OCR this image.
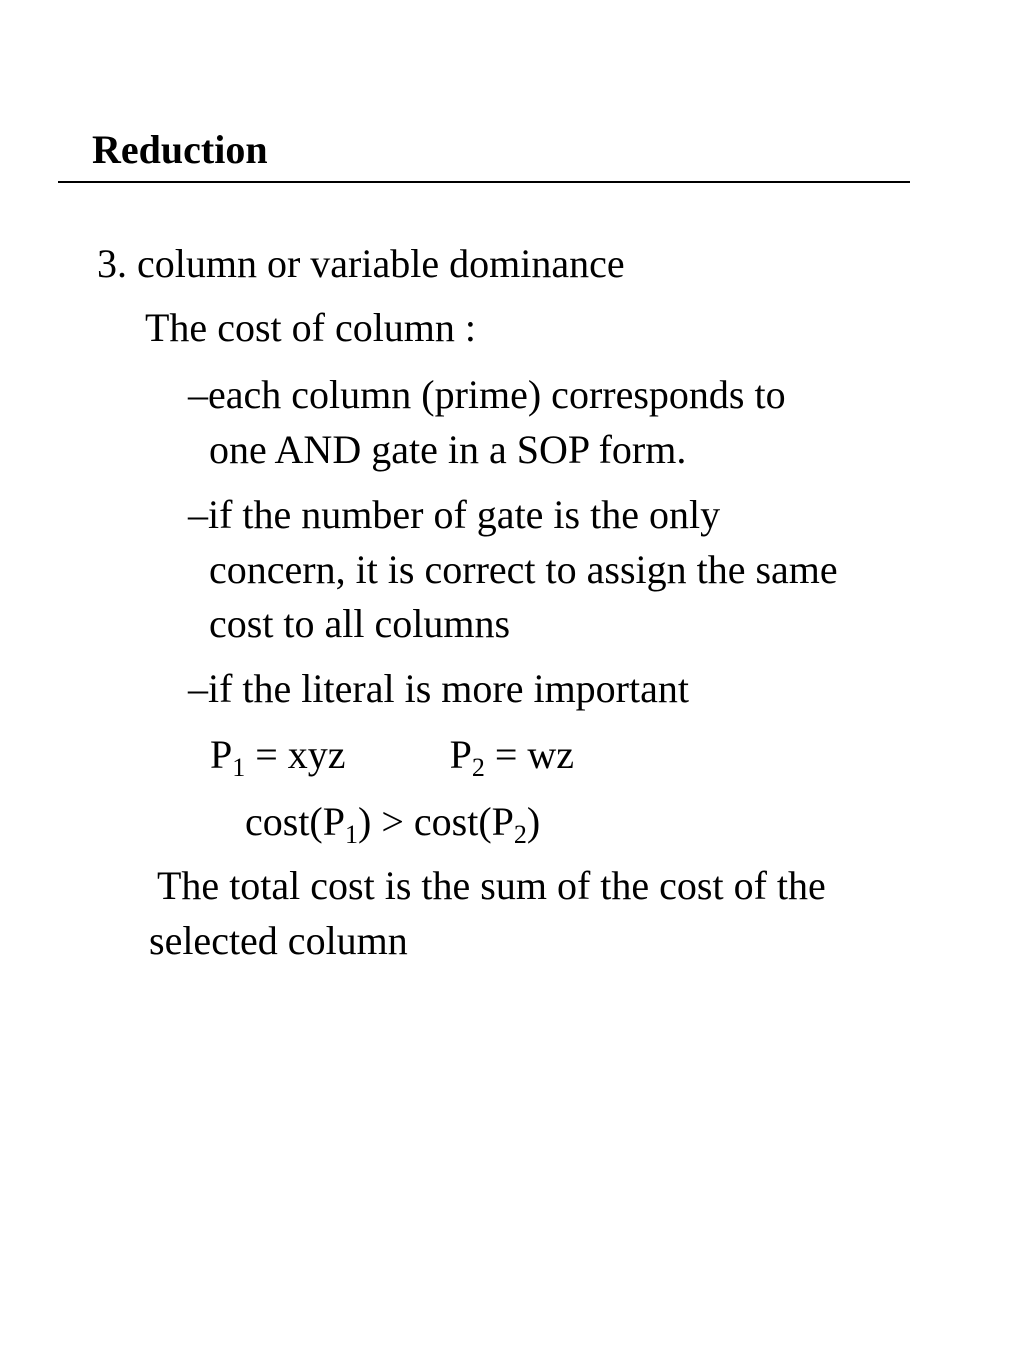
Reduction
3. column or variable dominance
The cost of column :
–each column (prime) corresponds to
one AND gate in a SOP form.
–if the number of gate is the only
concern, it is correct to assign the same
cost to all columns
–if the literal is more important
$P_1$ = xyz	$P_2$ = wz
$\cos t(P_1) > \cos t(P_2)$
The total cost is the sum of the cost of the
selected column
